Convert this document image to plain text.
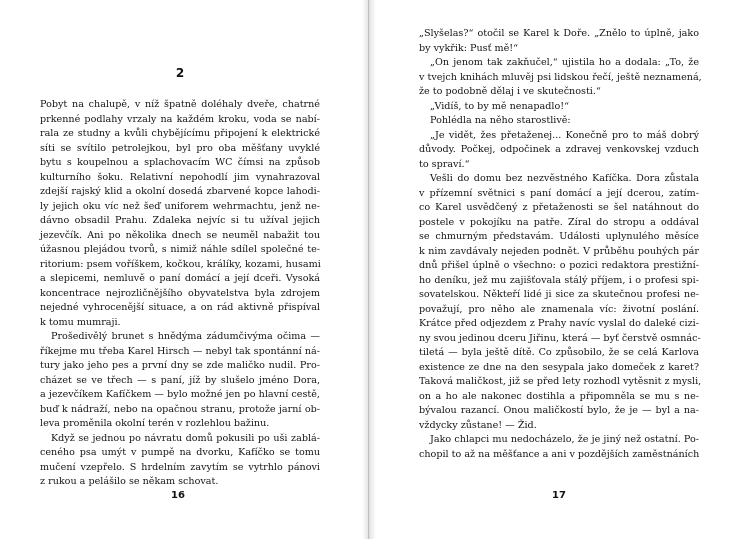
2
Pobyt na chalupě, v níž špatně doléhaly dveře, chatrné
prkenné podlahy vrzaly na každém kroku, voda se nabí-
rala ze studny a kvůli chybějícímu připojení k elektrické
síti se svítilo petrolejkou, byl pro oba měšťany uvyklé
bytu s koupelnou a splachovacím WC čímsi na způsob
kulturního šoku. Relativní nepohodlí jim vynahrazoval
zdejší rajský klid a okolní dosedá zbarvené kopce lahodi-
ly jejich oku víc než šeď uniforem wehrmachtu, jenž ne-
dávno obsadil Prahu. Zdaleka nejvíc si tu užíval jejich
jezevčík. Ani po několika dnech se neuměl nabažit tou
úžasnou plejádou tvorů, s nimiž náhle sdílel společné te-
ritorium: psem voříškem, kočkou, králíky, kozami, husami
a slepicemi, nemluvě o paní domácí a její dceři. Vysoká
koncentrace nejrozličnějšího obyvatelstva byla zdrojem
nejedné vyhrocenější situace, a on rád aktivně přispíval
k tomu mumraji.
Prošedivělý brunet s hnědýma zádumčivýma očima —
říkejme mu třeba Karel Hirsch — nebyl tak spontánní ná-
tury jako jeho pes a první dny se zde maličko nudil. Pro-
cházet se ve třech — s paní, jíž by slušelo jméno Dora,
a jezevčíkem Kafíčkem — bylo možné jen po hlavní cestě,
buď k nádraží, nebo na opačnou stranu, protože jarní ob-
leva proměnila okolní terén v rozlehlou bažinu.
Když se jednou po návratu domů pokusili po uši zablá-
ceného psa umýt v pumpě na dvorku, Kafíčko se tomu
mučení vzepřelo. S hrdelním zavytím se vytrhlo pánovi
z rukou a pelášilo se někam schovat.
16
„Slyšelas?“ otočil se Karel k Doře. „Znělo to úplně, jako
by vykřik: Pusť mě!“
„On jenom tak zakňučel,“ ujistila ho a dodala: „To, že
v tvejch knihách mluvěj psi lidskou řečí, ještě neznamená,
že to podobně dělaj i ve skutečnosti.“
„Vidíš, to by mě nenapadlo!“
Pohlédla na něho starostlivě:
„Je vidět, žes přetaženej... Konečně pro to máš dobrý
důvody. Počkej, odpočinek a zdravej venkovskej vzduch
to spraví.“
Vešli do domu bez nezvěstného Kafíčka. Dora zůstala
v přízemní světnici s paní domácí a její dcerou, zatím-
co Karel usvědčený z přetaženosti se šel natáhnout do
postele v pokojíku na patře. Zíral do stropu a oddával
se chmurným představám. Události uplynulého měsíce
k nim zavdávaly nejeden podnět. V průběhu pouhých pár
dnů přišel úplně o všechno: o pozici redaktora prestižní-
ho deníku, jež mu zajišťovala stálý příjem, i o profesi spi-
sovatelskou. Někteří lidé ji sice za skutečnou profesi ne-
považují, pro něho ale znamenala víc: životní poslání.
Krátce před odjezdem z Prahy navíc vyslal do daleké cizi-
ny svou jedinou dceru Jiřinu, která — byť čerstvě osmnác-
tiletá — byla ještě dítě. Co způsobilo, že se celá Karlova
existence ze dne na den sesypala jako domeček z karet?
Taková maličkost, již se před lety rozhodl vytěsnit z mysli,
on a ho ale nakonec dostihla a připomněla se mu s ne-
bývalou razancí. Onou maličkostí bylo, že je — byl a na-
vždycky zůstane! — Žid.
Jako chlapci mu nedocházelo, že je jiný než ostatní. Po-
chopil to až na měšťance a ani v pozdějších zaměstnáních
17
